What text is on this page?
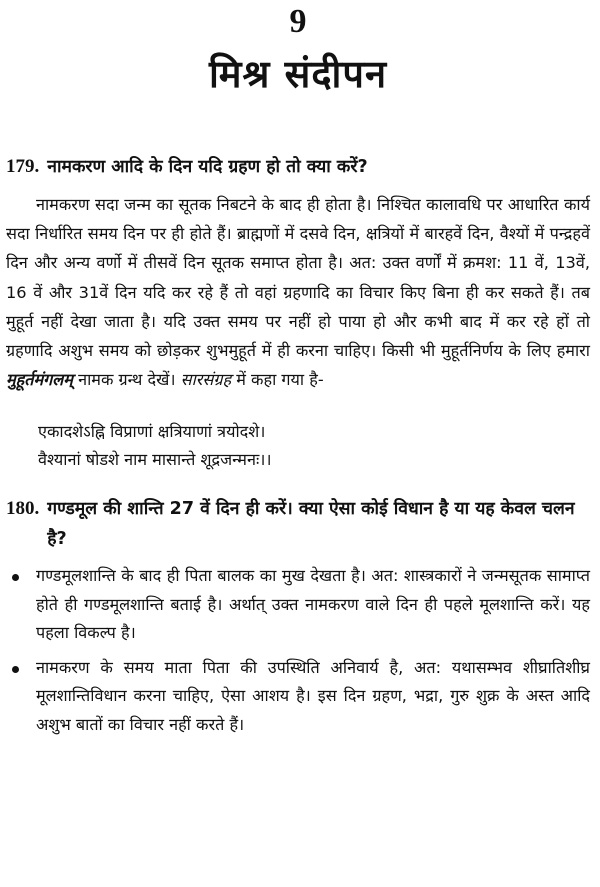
9
मिश्र संदीपन
179. नामकरण आदि के दिन यदि ग्रहण हो तो क्या करें?

नामकरण सदा जन्म का सूतक निबटने के बाद ही होता है। निश्चित कालावधि पर आधारित कार्य सदा निर्धारित समय दिन पर ही होते हैं। ब्राह्मणों में दसवे दिन, क्षत्रियों में बारहवें दिन, वैश्यों में पन्द्रहवें दिन और अन्य वर्णो में तीसवें दिन सूतक समाप्त होता है। अत: उक्त वर्णों में क्रमश: 11 वें, 13वें, 16 वें और 31वें दिन यदि कर रहे हैं तो वहां ग्रहणादि का विचार किए बिना ही कर सकते हैं। तब मुहूर्त नहीं देखा जाता है। यदि उक्त समय पर नहीं हो पाया हो और कभी बाद में कर रहे हों तो ग्रहणादि अशुभ समय को छोड़कर शुभमुहूर्त में ही करना चाहिए। किसी भी मुहूर्तनिर्णय के लिए हमारा मुहूर्तमंगलम् नामक ग्रन्थ देखें। सारसंग्रह में कहा गया है-

एकादशेऽह्नि विप्राणां क्षत्रियाणां त्रयोदशे।
वैश्यानां षोडशे नाम मासान्ते शूद्रजन्मनः।।
180. गण्डमूल की शान्ति 27 वें दिन ही करें। क्या ऐसा कोई विधान है या यह केवल चलन है?
गण्डमूलशान्ति के बाद ही पिता बालक का मुख देखता है। अत: शास्त्रकारों ने जन्मसूतक सामाप्त होते ही गण्डमूलशान्ति बताई है। अर्थात् उक्त नामकरण वाले दिन ही पहले मूलशान्ति करें। यह पहला विकल्प है।
नामकरण के समय माता पिता की उपस्थिति अनिवार्य है, अत: यथासम्भव शीघ्रातिशीघ्र मूलशान्तिविधान करना चाहिए, ऐसा आशय है। इस दिन ग्रहण, भद्रा, गुरु शुक्र के अस्त आदि अशुभ बातों का विचार नहीं करते हैं।
